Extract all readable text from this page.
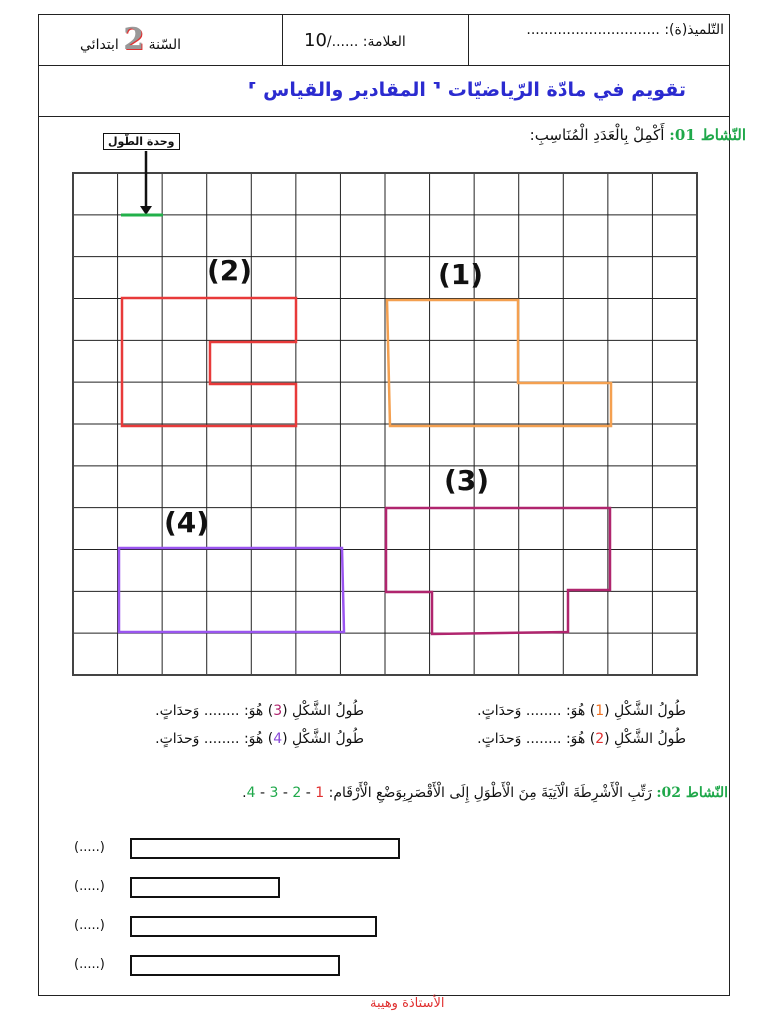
التّلميذ(ة): ..............................
العلامة: ....../10
السّنة 2 ابتدائي
تقويم في مادّة الرّياضيّات ⸢ المقادير والقياس ⸣
النّشاط 01: أَكْمِلْ بِالْعَدَدِ الْمُنَاسِبِ:
وحدة الطّول
(1)
(2)
(3)
(4)
طُولُ الشَّكْلِ (1) هُوَ: ........ وَحدَاتٍ.
طُولُ الشَّكْلِ (3) هُوَ: ........ وَحدَاتٍ.
طُولُ الشَّكْلِ (2) هُوَ: ........ وَحدَاتٍ.
طُولُ الشَّكْلِ (4) هُوَ: ........ وَحدَاتٍ.
النّشاط 02: رَتِّبِ الْأَشْرِطَةَ الْآتِيَةَ مِنَ الْأَطْوَلِ إِلَى الْأَقْصَرِبِوَضْعِ الْأَرْقَام: 1 - 2 - 3 - 4.
(.....)
(.....)
(.....)
(.....)
الأستاذة وهيبة
